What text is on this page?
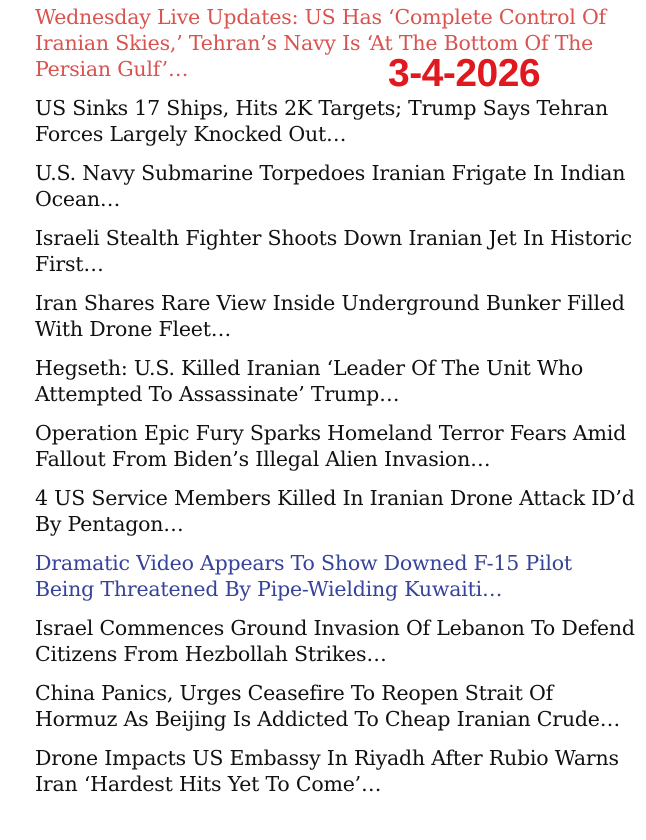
Wednesday Live Updates: US Has ‘Complete Control Of Iranian Skies,’ Tehran’s Navy Is ‘At The Bottom Of The Persian Gulf’…
US Sinks 17 Ships, Hits 2K Targets; Trump Says Tehran Forces Largely Knocked Out…
U.S. Navy Submarine Torpedoes Iranian Frigate In Indian Ocean…
Israeli Stealth Fighter Shoots Down Iranian Jet In Historic First…
Iran Shares Rare View Inside Underground Bunker Filled With Drone Fleet…
Hegseth: U.S. Killed Iranian ‘Leader Of The Unit Who Attempted To Assassinate’ Trump…
Operation Epic Fury Sparks Homeland Terror Fears Amid Fallout From Biden’s Illegal Alien Invasion…
4 US Service Members Killed In Iranian Drone Attack ID’d By Pentagon…
Dramatic Video Appears To Show Downed F-15 Pilot Being Threatened By Pipe-Wielding Kuwaiti…
Israel Commences Ground Invasion Of Lebanon To Defend Citizens From Hezbollah Strikes…
China Panics, Urges Ceasefire To Reopen Strait Of Hormuz As Beijing Is Addicted To Cheap Iranian Crude…
Drone Impacts US Embassy In Riyadh After Rubio Warns Iran ‘Hardest Hits Yet To Come’…
3-4-2026
